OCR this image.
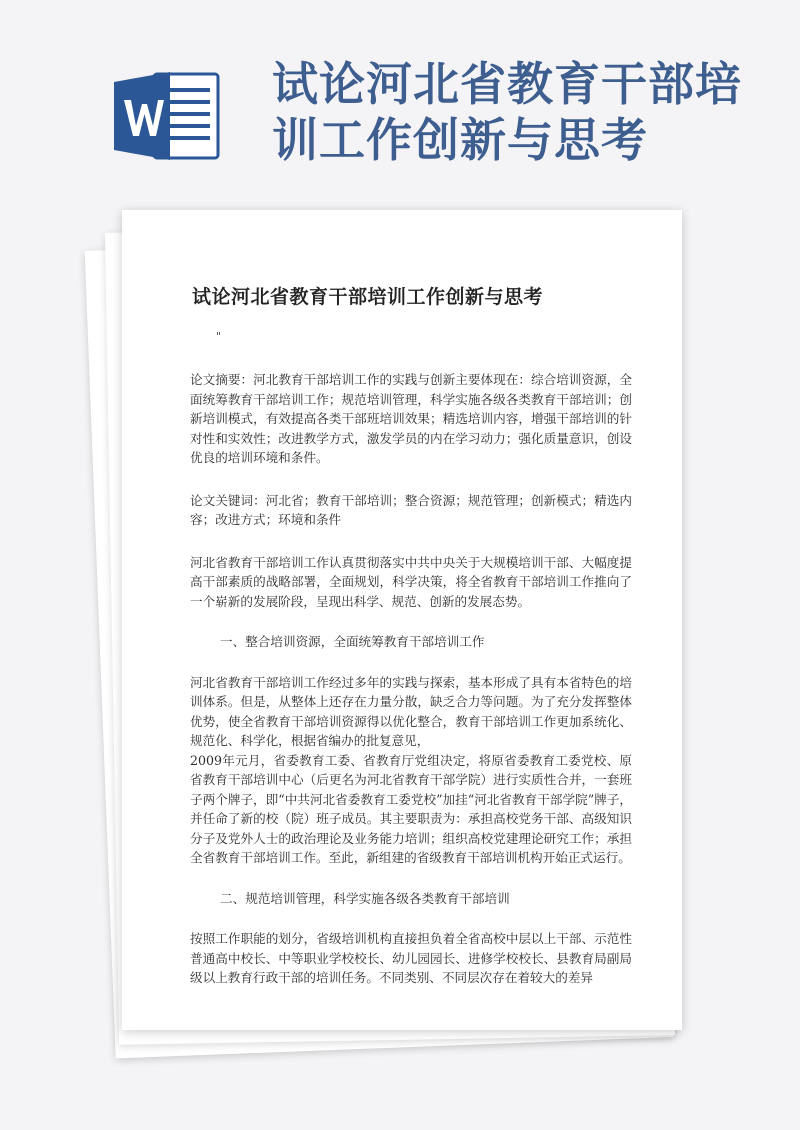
试论河北省教育干部培训工作创新与思考
试论河北省教育干部培训工作创新与思考
"

论文摘要：河北教育干部培训工作的实践与创新主要体现在：综合培训资源，全面统筹教育干部培训工作；规范培训管理，科学实施各级各类教育干部培训；创新培训模式，有效提高各类干部班培训效果；精选培训内容，增强干部培训的针对性和实效性；改进教学方式，激发学员的内在学习动力；强化质量意识，创设优良的培训环境和条件。

论文关键词：河北省；教育干部培训；整合资源；规范管理；创新模式；精选内容；改进方式；环境和条件

河北省教育干部培训工作认真贯彻落实中共中央关于大规模培训干部、大幅度提高干部素质的战略部署，全面规划，科学决策，将全省教育干部培训工作推向了一个崭新的发展阶段，呈现出科学、规范、创新的发展态势。

一、整合培训资源，全面统筹教育干部培训工作

河北省教育干部培训工作经过多年的实践与探索，基本形成了具有本省特色的培训体系。但是，从整体上还存在力量分散，缺乏合力等问题。为了充分发挥整体优势，使全省教育干部培训资源得以优化整合，教育干部培训工作更加系统化、规范化、科学化，根据省编办的批复意见，

2009年元月，省委教育工委、省教育厅党组决定，将原省委教育工委党校、原省教育干部培训中心（后更名为河北省教育干部学院）进行实质性合并，一套班子两个牌子，即“中共河北省委教育工委党校”加挂“河北省教育干部学院”牌子，并任命了新的校（院）班子成员。其主要职责为：承担高校党务干部、高级知识分子及党外人士的政治理论及业务能力培训；组织高校党建理论研究工作；承担全省教育干部培训工作。至此，新组建的省级教育干部培训机构开始正式运行。

二、规范培训管理，科学实施各级各类教育干部培训

按照工作职能的划分，省级培训机构直接担负着全省高校中层以上干部、示范性普通高中校长、中等职业学校校长、幼儿园园长、进修学校校长、县教育局副局级以上教育行政干部的培训任务。不同类别、不同层次存在着较大的差异
